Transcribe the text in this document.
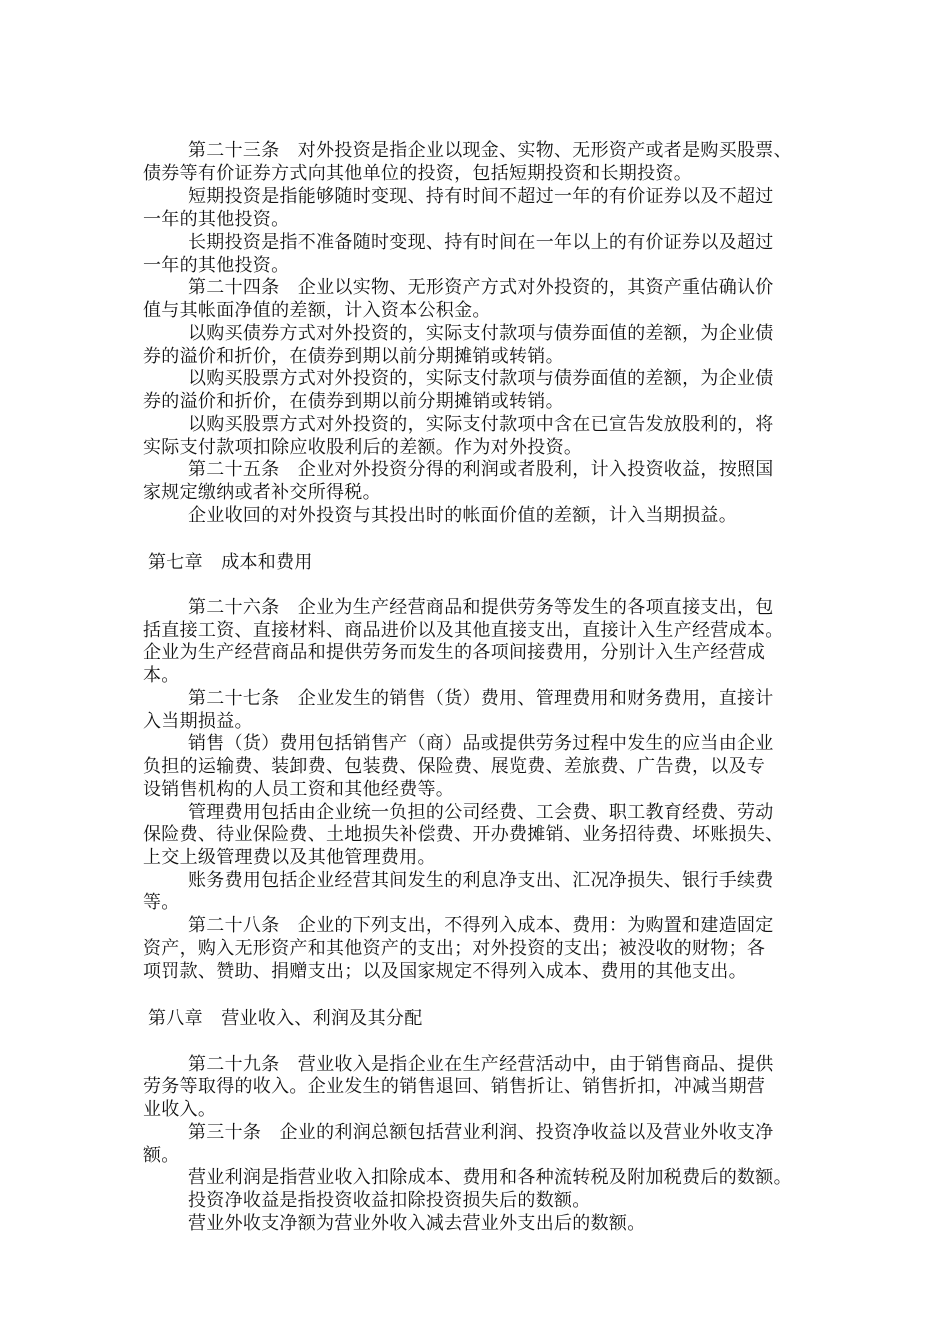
第二十三条　对外投资是指企业以现金、实物、无形资产或者是购买股票、
债券等有价证券方式向其他单位的投资，包括短期投资和长期投资。
短期投资是指能够随时变现、持有时间不超过一年的有价证券以及不超过
一年的其他投资。
长期投资是指不准备随时变现、持有时间在一年以上的有价证券以及超过
一年的其他投资。
第二十四条　企业以实物、无形资产方式对外投资的，其资产重估确认价
值与其帐面净值的差额，计入资本公积金。
以购买债券方式对外投资的，实际支付款项与债券面值的差额，为企业债
券的溢价和折价，在债券到期以前分期摊销或转销。
以购买股票方式对外投资的，实际支付款项与债券面值的差额，为企业债
券的溢价和折价，在债券到期以前分期摊销或转销。
以购买股票方式对外投资的，实际支付款项中含在已宣告发放股利的，将
实际支付款项扣除应收股利后的差额。作为对外投资。
第二十五条　企业对外投资分得的利润或者股利，计入投资收益，按照国
家规定缴纳或者补交所得税。
企业收回的对外投资与其投出时的帐面价值的差额，计入当期损益。
第七章　成本和费用
第二十六条　企业为生产经营商品和提供劳务等发生的各项直接支出，包
括直接工资、直接材料、商品进价以及其他直接支出，直接计入生产经营成本。
企业为生产经营商品和提供劳务而发生的各项间接费用，分别计入生产经营成
本。
第二十七条　企业发生的销售（货）费用、管理费用和财务费用，直接计
入当期损益。
销售（货）费用包括销售产（商）品或提供劳务过程中发生的应当由企业
负担的运输费、装卸费、包装费、保险费、展览费、差旅费、广告费，以及专
设销售机构的人员工资和其他经费等。
管理费用包括由企业统一负担的公司经费、工会费、职工教育经费、劳动
保险费、待业保险费、土地损失补偿费、开办费摊销、业务招待费、坏账损失、
上交上级管理费以及其他管理费用。
账务费用包括企业经营其间发生的利息净支出、汇况净损失、银行手续费
等。
第二十八条　企业的下列支出，不得列入成本、费用：为购置和建造固定
资产，购入无形资产和其他资产的支出；对外投资的支出；被没收的财物；各
项罚款、赞助、捐赠支出；以及国家规定不得列入成本、费用的其他支出。
第八章　营业收入、利润及其分配
第二十九条　营业收入是指企业在生产经营活动中，由于销售商品、提供
劳务等取得的收入。企业发生的销售退回、销售折让、销售折扣，冲减当期营
业收入。
第三十条　企业的利润总额包括营业利润、投资净收益以及营业外收支净
额。
营业利润是指营业收入扣除成本、费用和各种流转税及附加税费后的数额。
投资净收益是指投资收益扣除投资损失后的数额。
营业外收支净额为营业外收入减去营业外支出后的数额。
